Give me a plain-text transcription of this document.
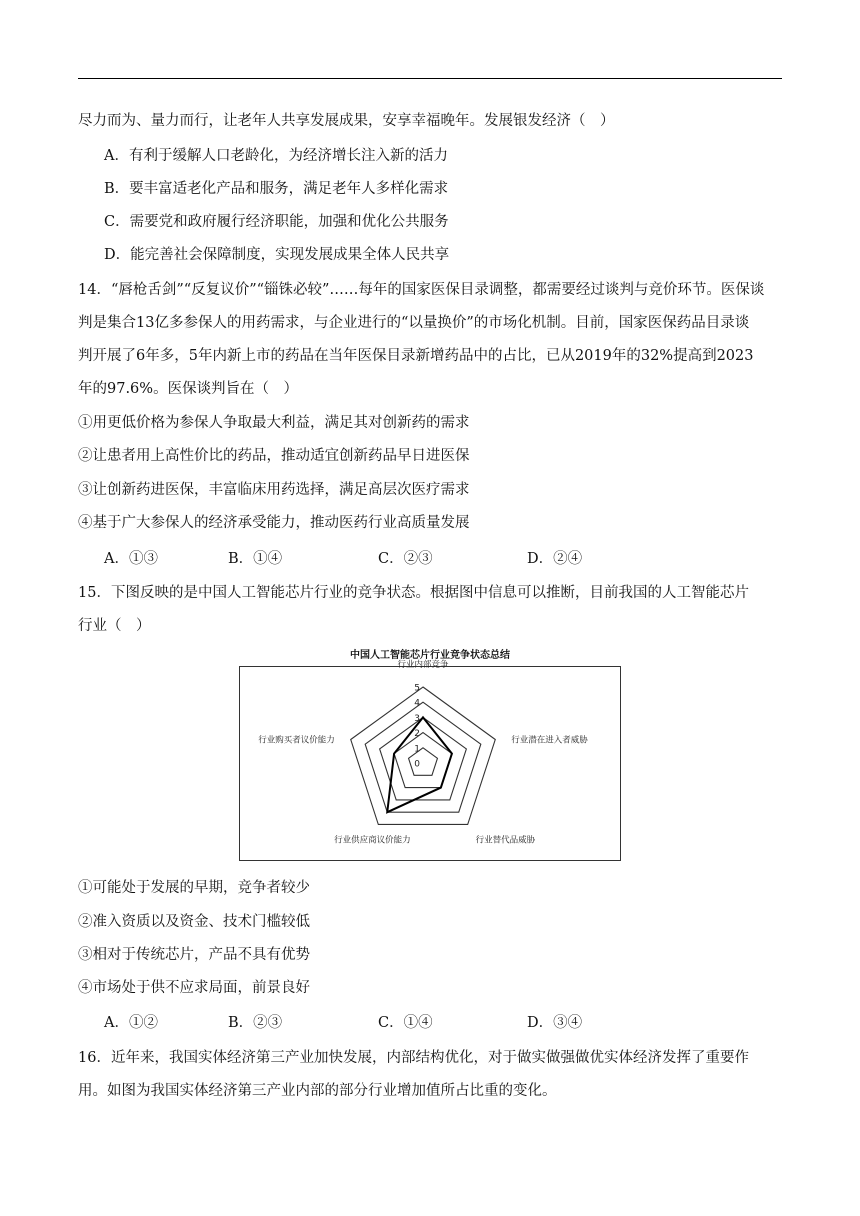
尽力而为、量力而行，让老年人共享发展成果，安享幸福晚年。发展银发经济（　）
A．有利于缓解人口老龄化，为经济增长注入新的活力
B．要丰富适老化产品和服务，满足老年人多样化需求
C．需要党和政府履行经济职能，加强和优化公共服务
D．能完善社会保障制度，实现发展成果全体人民共享
14．“唇枪舌剑”“反复议价”“锱铢必较”……每年的国家医保目录调整，都需要经过谈判与竞价环节。医保谈
判是集合13亿多参保人的用药需求，与企业进行的“以量换价”的市场化机制。目前，国家医保药品目录谈
判开展了6年多，5年内新上市的药品在当年医保目录新增药品中的占比，已从2019年的32%提高到2023
年的97.6%。医保谈判旨在（　）
①用更低价格为参保人争取最大利益，满足其对创新药的需求
②让患者用上高性价比的药品，推动适宜创新药品早日进医保
③让创新药进医保，丰富临床用药选择，满足高层次医疗需求
④基于广大参保人的经济承受能力，推动医药行业高质量发展
A．①③	B．①④	C．②③	D．②④
15．下图反映的是中国人工智能芯片行业的竞争状态。根据图中信息可以推断，目前我国的人工智能芯片
行业（　）
中国人工智能芯片行业竞争状态总结
0
1
2
3
4
5
行业内部竞争
行业潜在进入者威胁
行业替代品威胁
行业供应商议价能力
行业购买者议价能力
①可能处于发展的早期，竞争者较少
②准入资质以及资金、技术门槛较低
③相对于传统芯片，产品不具有优势
④市场处于供不应求局面，前景良好
A．①②	B．②③	C．①④	D．③④
16．近年来，我国实体经济第三产业加快发展，内部结构优化，对于做实做强做优实体经济发挥了重要作
用。如图为我国实体经济第三产业内部的部分行业增加值所占比重的变化。
